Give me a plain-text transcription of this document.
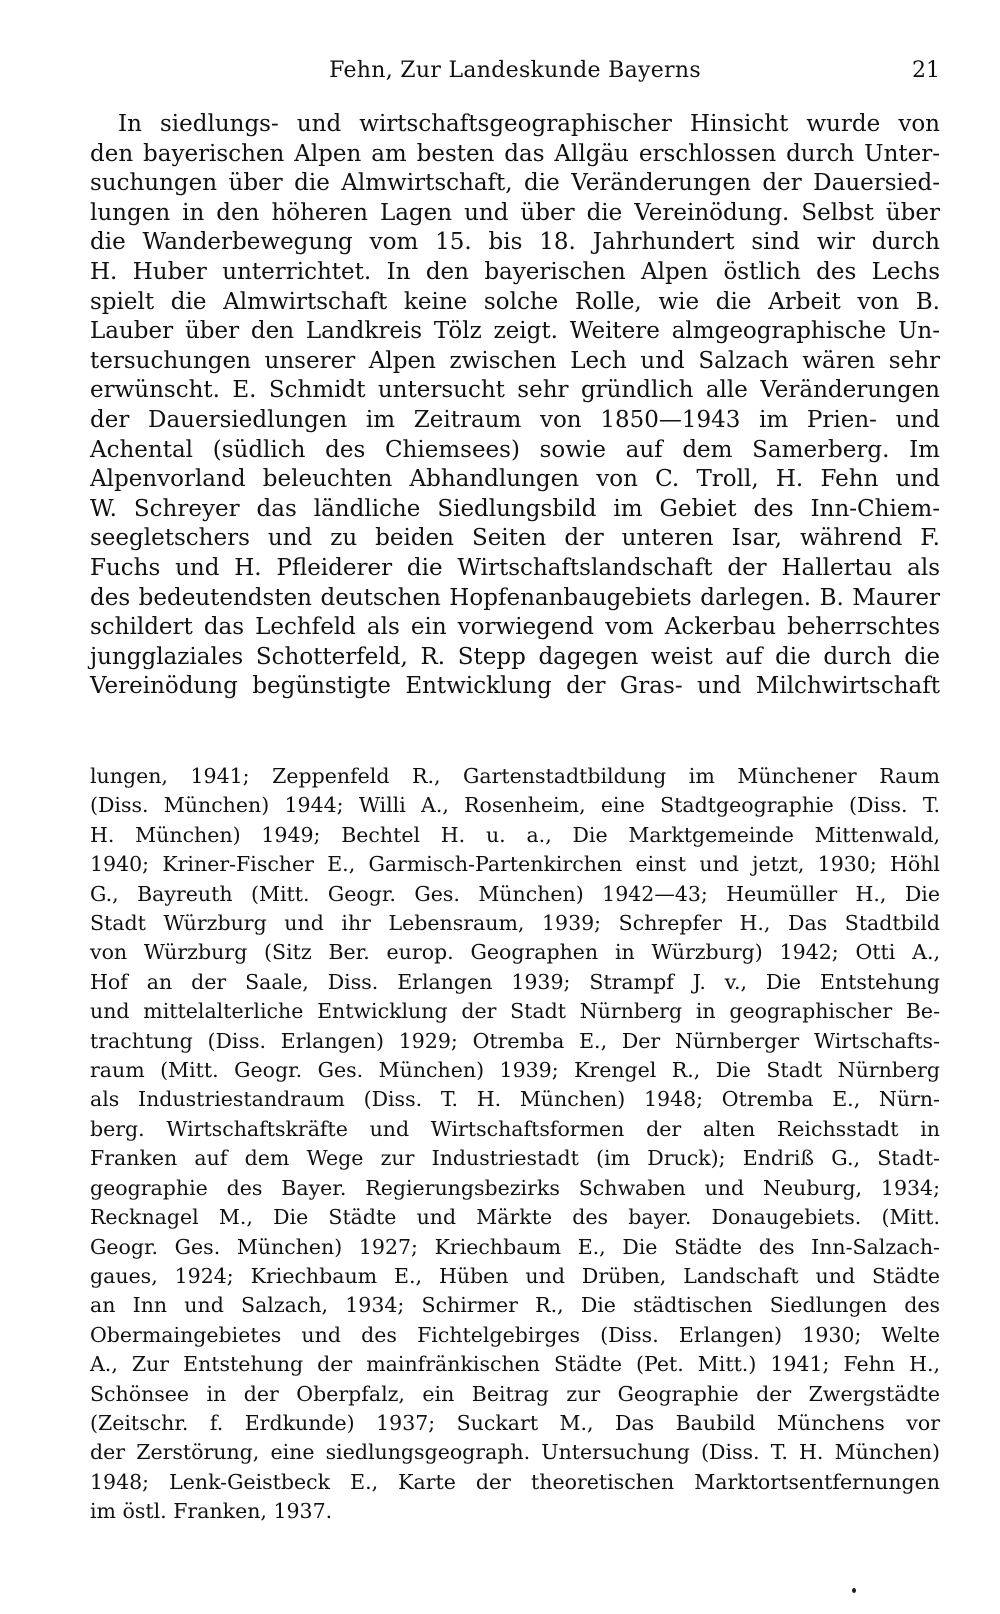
Fehn, Zur Landeskunde Bayerns	21
In siedlungs- und wirtschaftsgeographischer Hinsicht wurde von
den bayerischen Alpen am besten das Allgäu erschlossen durch Unter-
suchungen über die Almwirtschaft, die Veränderungen der Dauersied-
lungen in den höheren Lagen und über die Vereinödung. Selbst über
die Wanderbewegung vom 15. bis 18. Jahrhundert sind wir durch
H. Huber unterrichtet. In den bayerischen Alpen östlich des Lechs
spielt die Almwirtschaft keine solche Rolle, wie die Arbeit von B.
Lauber über den Landkreis Tölz zeigt. Weitere almgeographische Un-
tersuchungen unserer Alpen zwischen Lech und Salzach wären sehr
erwünscht. E. Schmidt untersucht sehr gründlich alle Veränderungen
der Dauersiedlungen im Zeitraum von 1850—1943 im Prien- und
Achental (südlich des Chiemsees) sowie auf dem Samerberg. Im
Alpenvorland beleuchten Abhandlungen von C. Troll, H. Fehn und
W. Schreyer das ländliche Siedlungsbild im Gebiet des Inn-Chiem-
seegletschers und zu beiden Seiten der unteren Isar, während F.
Fuchs und H. Pfleiderer die Wirtschaftslandschaft der Hallertau als
des bedeutendsten deutschen Hopfenanbaugebiets darlegen. B. Maurer
schildert das Lechfeld als ein vorwiegend vom Ackerbau beherrschtes
jungglaziales Schotterfeld, R. Stepp dagegen weist auf die durch die
Vereinödung begünstigte Entwicklung der Gras- und Milchwirtschaft
lungen, 1941; Zeppenfeld R., Gartenstadtbildung im Münchener Raum
(Diss. München) 1944; Willi A., Rosenheim, eine Stadtgeographie (Diss. T.
H. München) 1949; Bechtel H. u. a., Die Marktgemeinde Mittenwald,
1940; Kriner-Fischer E., Garmisch-Partenkirchen einst und jetzt, 1930; Höhl
G., Bayreuth (Mitt. Geogr. Ges. München) 1942—43; Heumüller H., Die
Stadt Würzburg und ihr Lebensraum, 1939; Schrepfer H., Das Stadtbild
von Würzburg (Sitz Ber. europ. Geographen in Würzburg) 1942; Otti A.,
Hof an der Saale, Diss. Erlangen 1939; Strampf J. v., Die Entstehung
und mittelalterliche Entwicklung der Stadt Nürnberg in geographischer Be-
trachtung (Diss. Erlangen) 1929; Otremba E., Der Nürnberger Wirtschafts-
raum (Mitt. Geogr. Ges. München) 1939; Krengel R., Die Stadt Nürnberg
als Industriestandraum (Diss. T. H. München) 1948; Otremba E., Nürn-
berg. Wirtschaftskräfte und Wirtschaftsformen der alten Reichsstadt in
Franken auf dem Wege zur Industriestadt (im Druck); Endriß G., Stadt-
geographie des Bayer. Regierungsbezirks Schwaben und Neuburg, 1934;
Recknagel M., Die Städte und Märkte des bayer. Donaugebiets. (Mitt.
Geogr. Ges. München) 1927; Kriechbaum E., Die Städte des Inn-Salzach-
gaues, 1924; Kriechbaum E., Hüben und Drüben, Landschaft und Städte
an Inn und Salzach, 1934; Schirmer R., Die städtischen Siedlungen des
Obermaingebietes und des Fichtelgebirges (Diss. Erlangen) 1930; Welte
A., Zur Entstehung der mainfränkischen Städte (Pet. Mitt.) 1941; Fehn H.,
Schönsee in der Oberpfalz, ein Beitrag zur Geographie der Zwergstädte
(Zeitschr. f. Erdkunde) 1937; Suckart M., Das Baubild Münchens vor
der Zerstörung, eine siedlungsgeograph. Untersuchung (Diss. T. H. München)
1948; Lenk-Geistbeck E., Karte der theoretischen Marktortsentfernungen
im östl. Franken, 1937.
